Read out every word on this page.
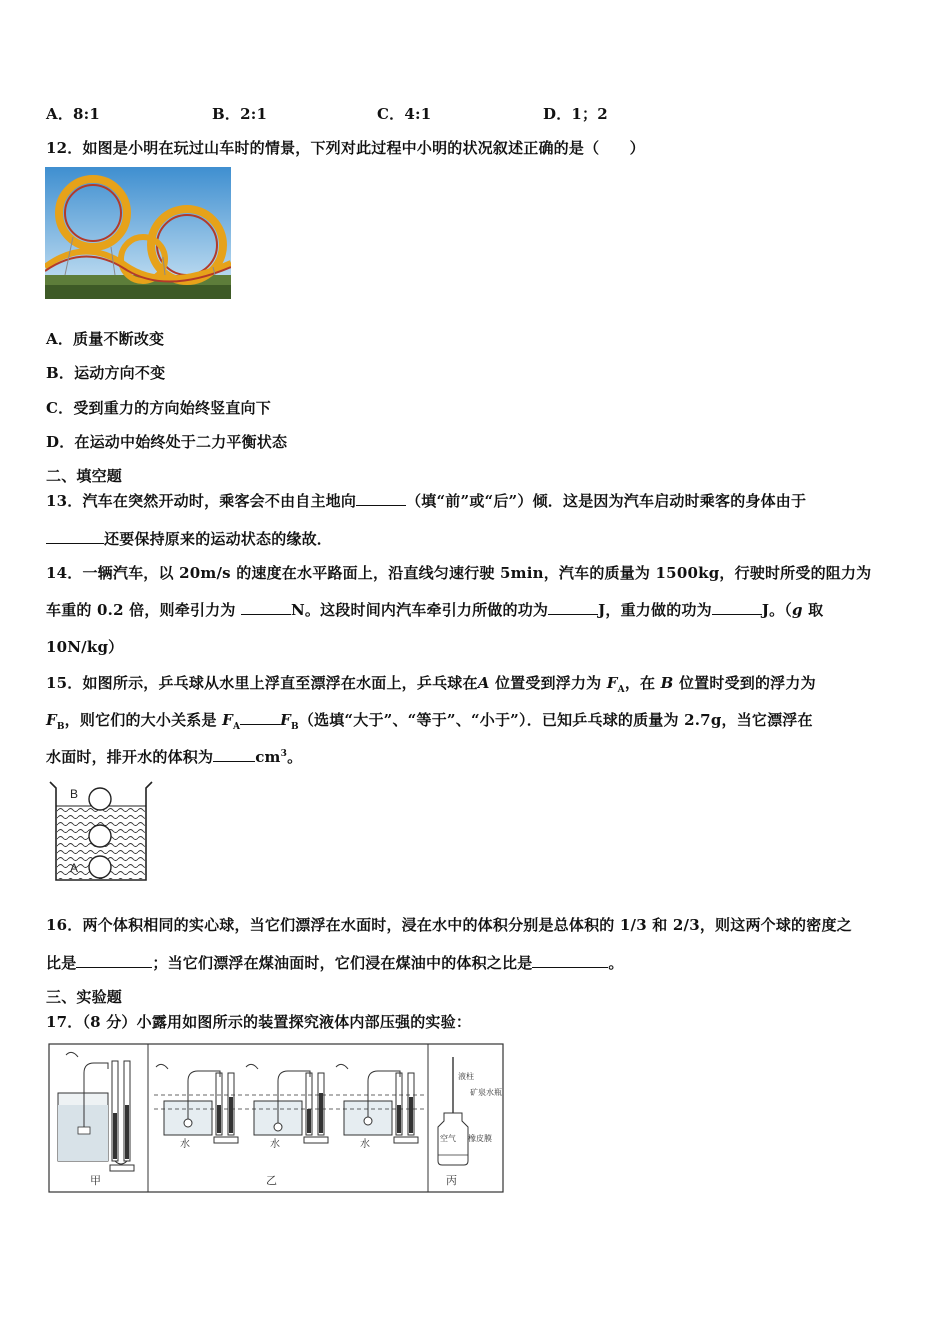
A．8:1	B．2:1	C．4:1	D．1；2
12．如图是小明在玩过山车时的情景，下列对此过程中小明的状况叙述正确的是（　　）
A．质量不断改变
B．运动方向不变
C．受到重力的方向始终竖直向下
D．在运动中始终处于二力平衡状态
二、填空题
13．汽车在突然开动时，乘客会不由自主地向	（填“前”或“后”）倾．这是因为汽车启动时乘客的身体由于
还要保持原来的运动状态的缘故．
14．一辆汽车，以 20m/s 的速度在水平路面上，沿直线匀速行驶 5min，汽车的质量为 1500kg，行驶时所受的阻力为
车重的 0.2 倍，则牵引力为	N。这段时间内汽车牵引力所做的功为	J，重力做的功为	J。（g 取
10N/kg）
15．如图所示，乒乓球从水里上浮直至漂浮在水面上，乒乓球在A 位置受到浮力为 $F_A$，在 B 位置时受到的浮力为
$F_B$，则它们的大小关系是 $F_A$	$F_B$（选填“大于”、“等于”、“小于”）．已知乒乓球的质量为 2.7g，当它漂浮在
水面时，排开水的体积为	$cm^3$。
B
A
16．两个体积相同的实心球，当它们漂浮在水面时，浸在水中的体积分别是总体积的 1/3 和 2/3，则这两个球的密度之
比是	；当它们漂浮在煤油面时，它们浸在煤油中的体积之比是	。
三、实验题
17．（8 分）小露用如图所示的装置探究液体内部压强的实验：
甲
水	水	水
乙
液柱
矿泉水瓶
空气 橡皮膜
丙
